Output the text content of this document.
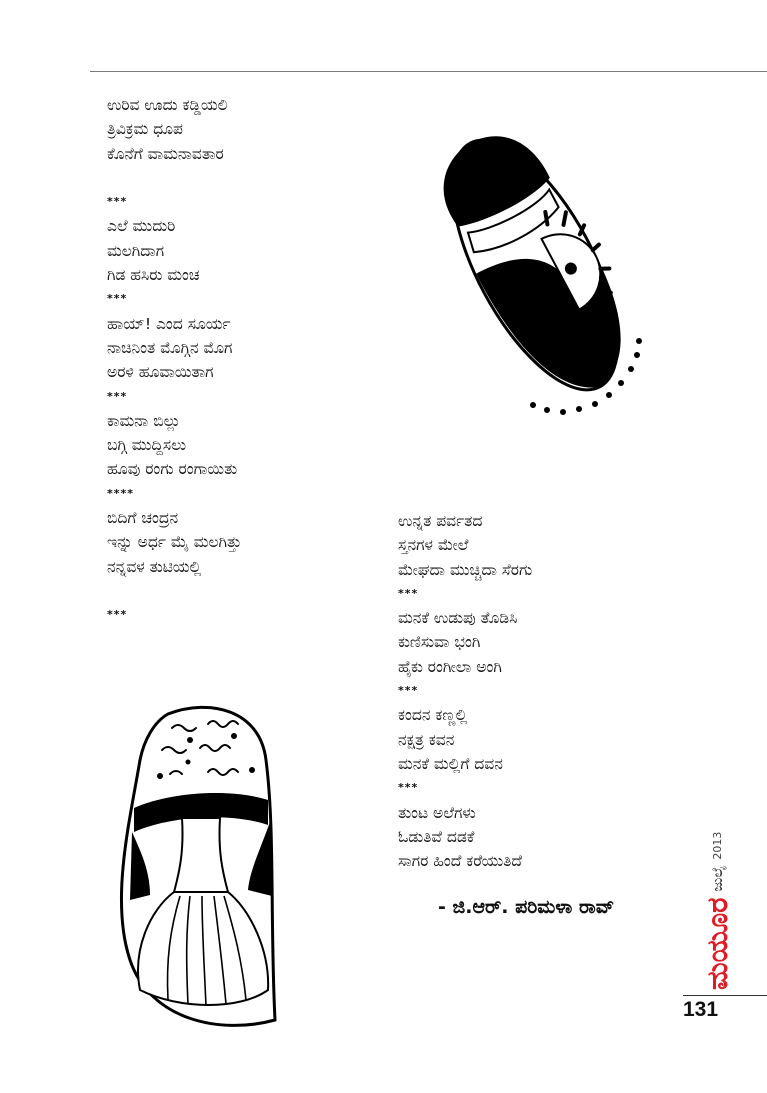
ಉರಿವ ಊದು ಕಡ್ಡಿಯಲಿ
ತ್ರಿವಿಕ್ರಮ ಧೂಪ
ಕೊನೆಗೆ ವಾಮನಾವತಾರ

***
ಎಲೆ ಮುದುರಿ
ಮಲಗಿದಾಗ
ಗಿಡ ಹಸಿರು ಮಂಚ
***
ಹಾಯ್! ಎಂದ ಸೂರ್ಯ
ನಾಚಿನಿಂತ ಮೊಗ್ಗಿನ ಮೊಗ
ಅರಳಿ ಹೂವಾಯಿತಾಗ
***
ಕಾಮನಾ ಬಿಲ್ಲು
ಬಗ್ಗಿ ಮುದ್ದಿಸಲು
ಹೂವು ರಂಗು ರಂಗಾಯಿತು
****
ಬಿದಿಗೆ ಚಂದ್ರನ
ಇನ್ನು ಅರ್ಧ ಮೈ ಮಲಗಿತ್ತು
ನನ್ನವಳ ತುಟಿಯಲ್ಲಿ

***
ಉನ್ನತ ಪರ್ವತದ
ಸ್ತನಗಳ ಮೇಲೆ
ಮೇಘದಾ ಮುಚ್ಚಿದಾ ಸೆರಗು
***
ಮನಕೆ ಉಡುಪು ತೊಡಿಸಿ
ಕುಣಿಸುವಾ ಭಂಗಿ
ಹೈಕು ರಂಗೀಲಾ ಅಂಗಿ
***
ಕಂದನ ಕಣ್ಣಲ್ಲಿ
ನಕ್ಷತ್ರ ಕವನ
ಮನಕೆ ಮಲ್ಲಿಗೆ ದವನ
***
ತುಂಟ ಅಲೆಗಳು
ಓಡುತಿವೆ ದಡಕೆ
ಸಾಗರ ಹಿಂದೆ ಕರೆಯುತಿದೆ
- ಜಿ.ಆರ್. ಪರಿಮಳಾ ರಾವ್	ಮಯೂರಜುಲೈ2013
131
